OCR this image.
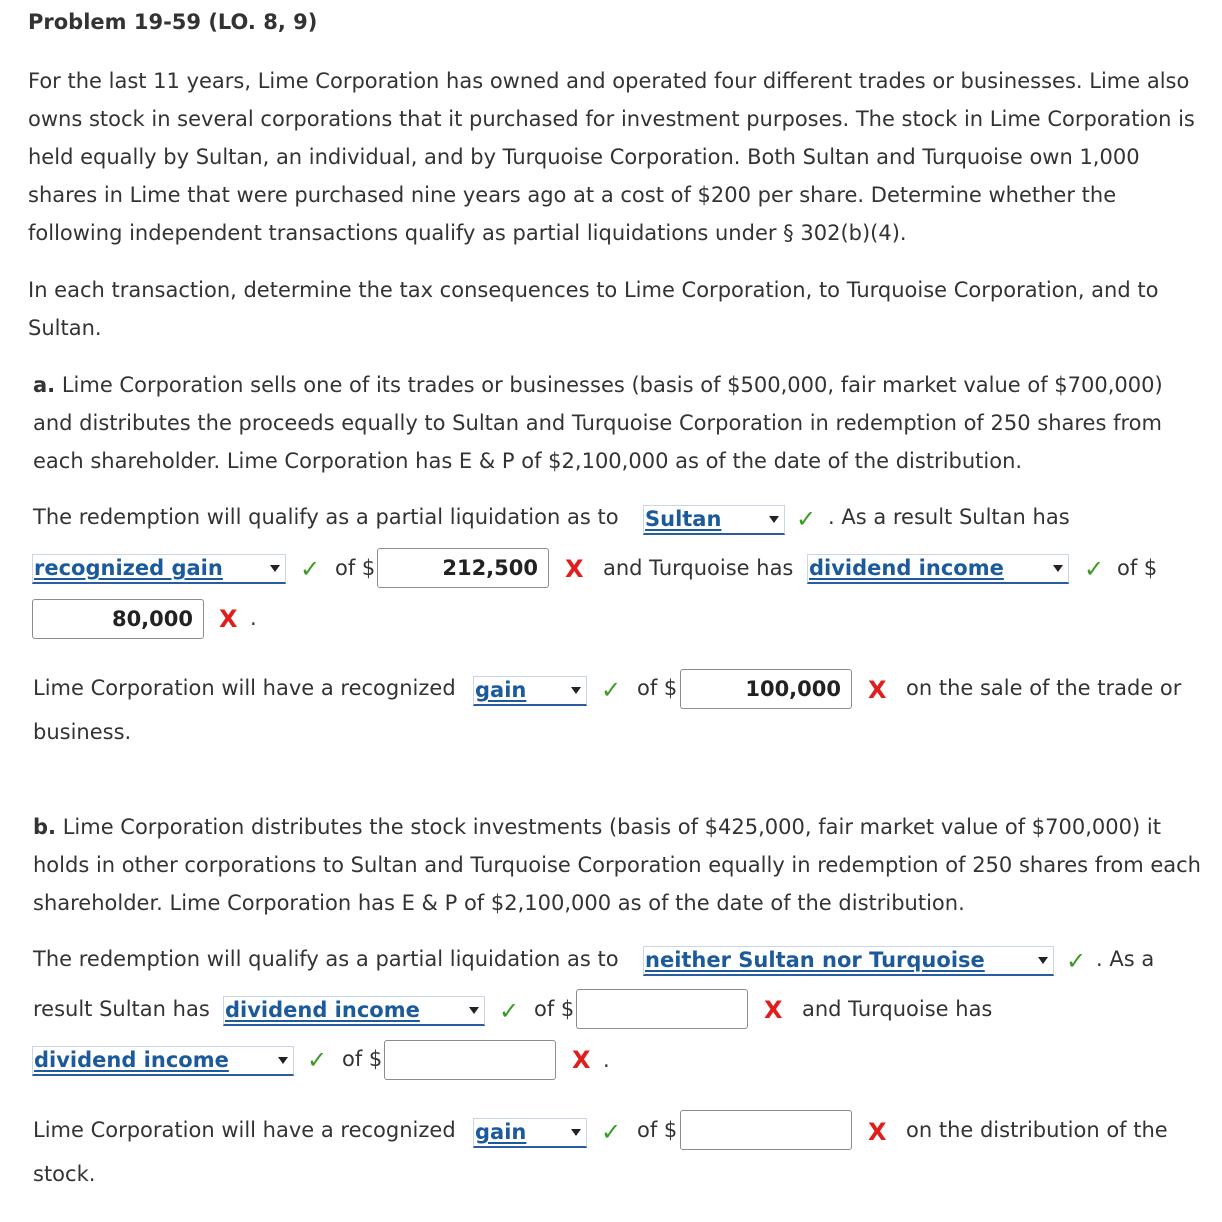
Problem 19-59 (LO. 8, 9)
For the last 11 years, Lime Corporation has owned and operated four different trades or businesses. Lime also owns stock in several corporations that it purchased for investment purposes. The stock in Lime Corporation is held equally by Sultan, an individual, and by Turquoise Corporation. Both Sultan and Turquoise own 1,000 shares in Lime that were purchased nine years ago at a cost of $200 per share. Determine whether the following independent transactions qualify as partial liquidations under § 302(b)(4).
In each transaction, determine the tax consequences to Lime Corporation, to Turquoise Corporation, and to Sultan.
a. Lime Corporation sells one of its trades or businesses (basis of $500,000, fair market value of $700,000) and distributes the proceeds equally to Sultan and Turquoise Corporation in redemption of 250 shares from each shareholder. Lime Corporation has E & P of $2,100,000 as of the date of the distribution.
The redemption will qualify as a partial liquidation as to Sultan	✓ . As a result Sultan has
recognized gain	✓ of $	212,500	X and Turquoise has dividend income	✓ of $
80,000	X .
Lime Corporation will have a recognized gain	✓ of $	100,000	X on the sale of the trade or
business.
b. Lime Corporation distributes the stock investments (basis of $425,000, fair market value of $700,000) it holds in other corporations to Sultan and Turquoise Corporation equally in redemption of 250 shares from each shareholder. Lime Corporation has E & P of $2,100,000 as of the date of the distribution.
The redemption will qualify as a partial liquidation as to neither Sultan nor Turquoise	✓ . As a
result Sultan has dividend income	✓ of $	X and Turquoise has
dividend income	✓ of $	X .
Lime Corporation will have a recognized gain	✓ of $	X on the distribution of the
stock.
